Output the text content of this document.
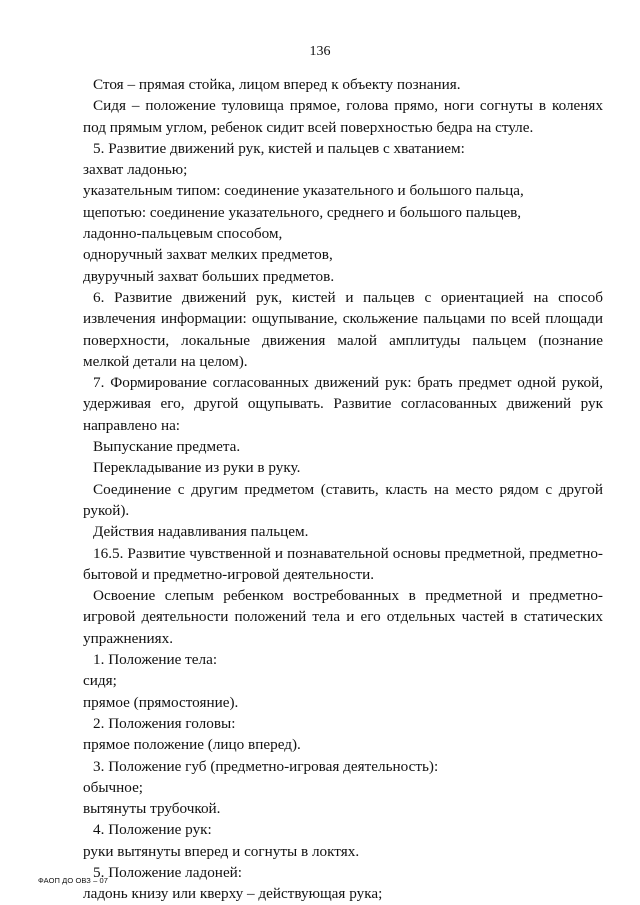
136

Стоя – прямая стойка, лицом вперед к объекту познания.

Сидя – положение туловища прямое, голова прямо, ноги согнуты в коленях под прямым углом, ребенок сидит всей поверхностью бедра на стуле.

5. Развитие движений рук, кистей и пальцев с хватанием:

захват ладонью;

указательным типом: соединение указательного и большого пальца,

щепотью: соединение указательного, среднего и большого пальцев,

ладонно-пальцевым способом,

одноручный захват мелких предметов,

двуручный захват больших предметов.

6. Развитие движений рук, кистей и пальцев с ориентацией на способ извлечения информации: ощупывание, скольжение пальцами по всей площади поверхности, локальные движения малой амплитуды пальцем (познание мелкой детали на целом).

7. Формирование согласованных движений рук: брать предмет одной рукой, удерживая его, другой ощупывать. Развитие согласованных движений рук направлено на:

Выпускание предмета.

Перекладывание из руки в руку.

Соединение с другим предметом (ставить, класть на место рядом с другой рукой).

Действия надавливания пальцем.

16.5. Развитие чувственной и познавательной основы предметной, предметно-бытовой и предметно-игровой деятельности.

Освоение слепым ребенком востребованных в предметной и предметно-игровой деятельности положений тела и его отдельных частей в статических упражнениях.

1. Положение тела:

сидя;

прямое (прямостояние).

2. Положения головы:

прямое положение (лицо вперед).

3. Положение губ (предметно-игровая деятельность):

обычное;

вытянуты трубочкой.

4. Положение рук:

руки вытянуты вперед и согнуты в локтях.

5. Положение ладоней:

ладонь книзу или кверху – действующая рука;

ФАОП ДО ОВЗ – 07
